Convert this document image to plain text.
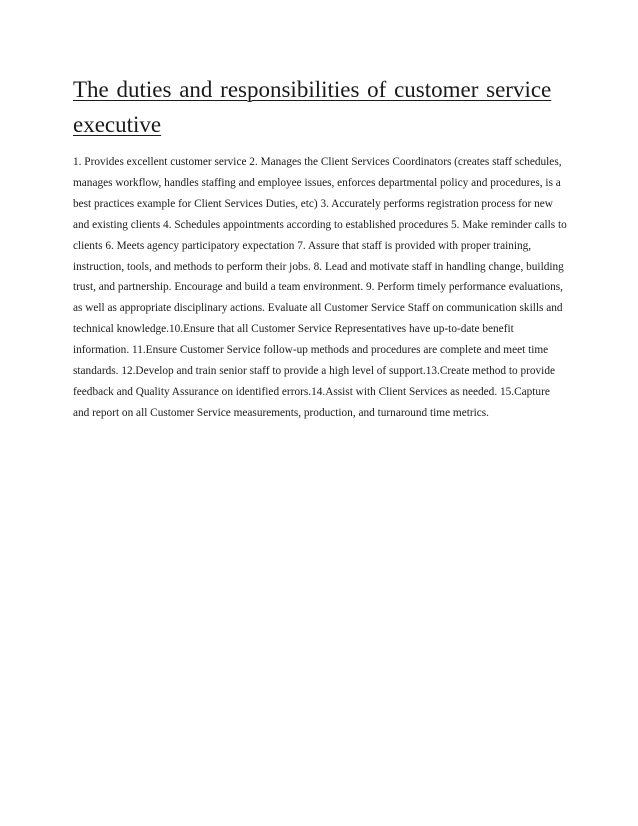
The duties and responsibilities of customer service executive

1. Provides excellent customer service 2. Manages the Client Services Coordinators (creates staff schedules, manages workflow, handles staffing and employee issues, enforces departmental policy and procedures, is a best practices example for Client Services Duties, etc) 3. Accurately performs registration process for new and existing clients 4. Schedules appointments according to established procedures 5. Make reminder calls to clients 6. Meets agency participatory expectation 7. Assure that staff is provided with proper training, instruction, tools, and methods to perform their jobs. 8. Lead and motivate staff in handling change, building trust, and partnership. Encourage and build a team environment. 9. Perform timely performance evaluations, as well as appropriate disciplinary actions. Evaluate all Customer Service Staff on communication skills and technical knowledge.10.Ensure that all Customer Service Representatives have up-to-date benefit information. 11.Ensure Customer Service follow-up methods and procedures are complete and meet time standards. 12.Develop and train senior staff to provide a high level of support.13.Create method to provide feedback and Quality Assurance on identified errors.14.Assist with Client Services as needed. 15.Capture and report on all Customer Service measurements, production, and turnaround time metrics.
